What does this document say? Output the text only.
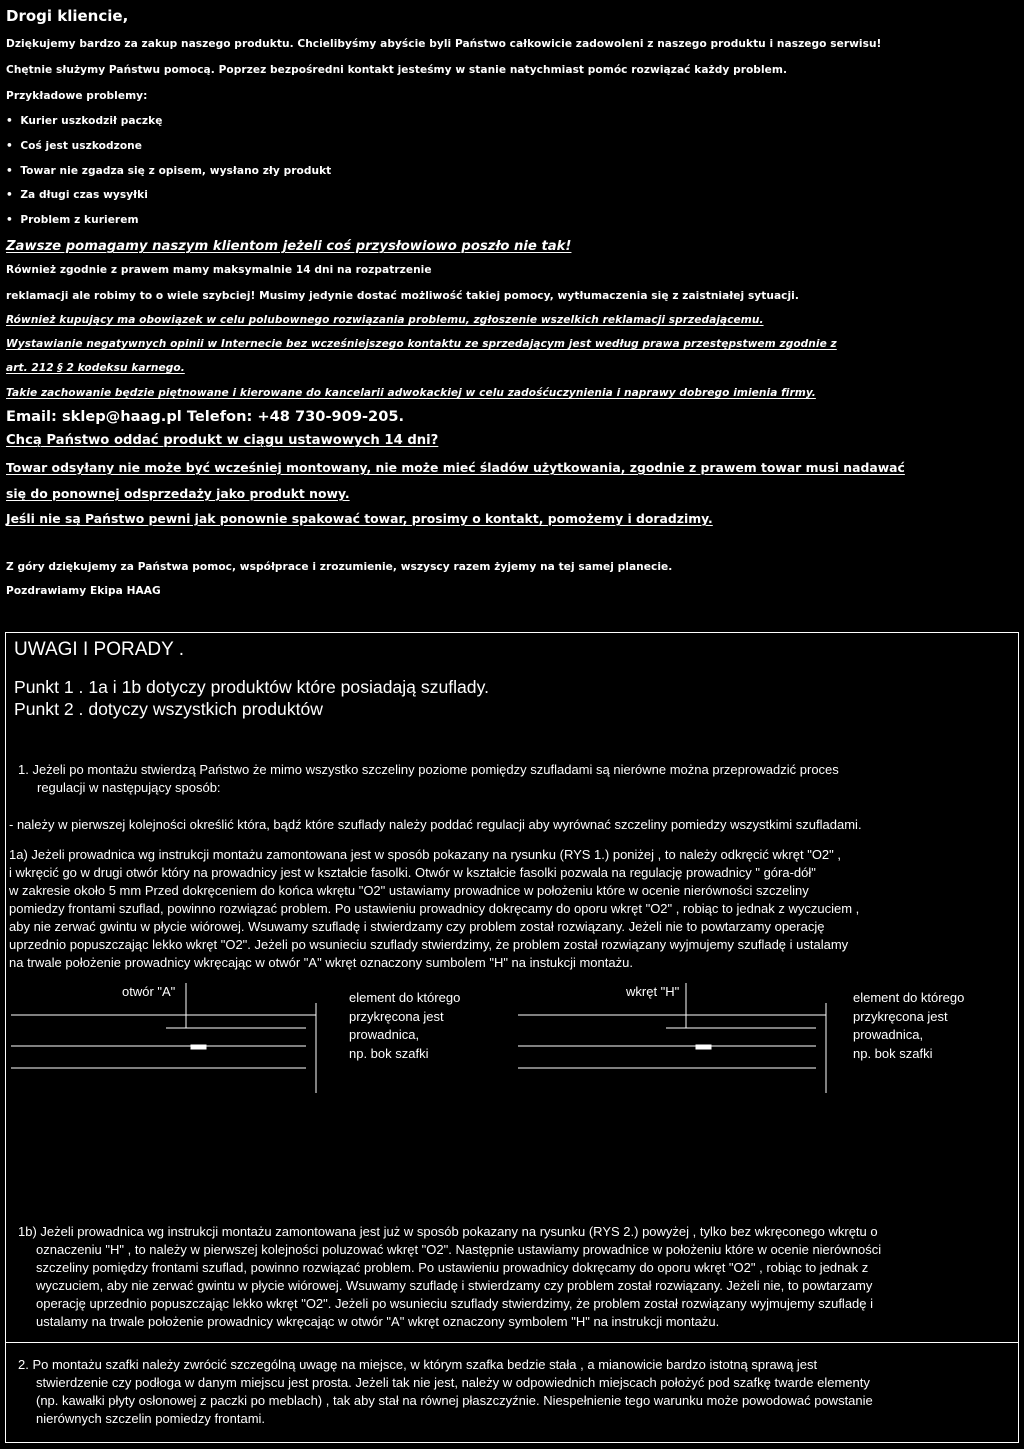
Drogi kliencie,
Dziękujemy bardzo za zakup naszego produktu. Chcielibyśmy abyście byli Państwo całkowicie zadowoleni z naszego produktu i naszego serwisu!
Chętnie służymy Państwu pomocą. Poprzez bezpośredni kontakt jesteśmy w stanie natychmiast pomóc rozwiązać każdy problem.
Przykładowe problemy:
•  Kurier uszkodził paczkę
•  Coś jest uszkodzone
•  Towar nie zgadza się z opisem, wysłano zły produkt
•  Za długi czas wysyłki
•  Problem z kurierem
Zawsze pomagamy naszym klientom jeżeli coś przysłowiowo poszło nie tak!
Również zgodnie z prawem mamy maksymalnie 14 dni na rozpatrzenie
reklamacji ale robimy to o wiele szybciej! Musimy jedynie dostać możliwość takiej pomocy, wytłumaczenia się z zaistniałej sytuacji.
Również kupujący ma obowiązek w celu polubownego rozwiązania problemu, zgłoszenie wszelkich reklamacji sprzedającemu.
Wystawianie negatywnych opinii w Internecie bez wcześniejszego kontaktu ze sprzedającym jest według prawa przestępstwem zgodnie z
art. 212 § 2 kodeksu karnego.
Takie zachowanie będzie piętnowane i kierowane do kancelarii adwokackiej w celu zadośćuczynienia i naprawy dobrego imienia firmy.
Email: sklep@haag.pl Telefon: +48 730-909-205.
Chcą Państwo oddać produkt w ciągu ustawowych 14 dni?
Towar odsyłany nie może być wcześniej montowany, nie może mieć śladów użytkowania, zgodnie z prawem towar musi nadawać
się do ponownej odsprzedaży jako produkt nowy.
Jeśli nie są Państwo pewni jak ponownie spakować towar, prosimy o kontakt, pomożemy i doradzimy.
Z góry dziękujemy za Państwa pomoc, współprace i zrozumienie, wszyscy razem żyjemy na tej samej planecie.
Pozdrawiamy Ekipa HAAG
UWAGI I PORADY .
Punkt 1 . 1a i 1b dotyczy produktów które posiadają szuflady.
Punkt 2 . dotyczy wszystkich produktów
1. Jeżeli po montażu stwierdzą Państwo że mimo wszystko szczeliny poziome pomiędzy szufladami są nierówne można przeprowadzić proces
regulacji w następujący sposób:
- należy w pierwszej kolejności określić która, bądź które szuflady należy poddać regulacji aby wyrównać szczeliny pomiedzy wszystkimi szufladami.
1a) Jeżeli prowadnica wg instrukcji montażu zamontowana jest w sposób pokazany na rysunku (RYS 1.) poniżej , to należy odkręcić wkręt "O2" ,
i wkręcić go w drugi otwór który na prowadnicy jest w kształcie fasolki. Otwór w kształcie fasolki pozwala na regulację prowadnicy " góra-dół"
w zakresie około 5 mm Przed dokręceniem do końca wkrętu "O2" ustawiamy prowadnice w położeniu które w ocenie nierówności szczeliny
pomiedzy frontami szuflad, powinno rozwiązać problem. Po ustawieniu prowadnicy dokręcamy do oporu wkręt "O2" , robiąc to jednak z wyczuciem ,
aby nie zerwać gwintu w płycie wiórowej. Wsuwamy szufladę i stwierdzamy czy problem został rozwiązany. Jeżeli nie to powtarzamy operację
uprzednio popuszczając lekko wkręt "O2". Jeżeli po wsunieciu szuflady stwierdzimy, że problem został rozwiązany wyjmujemy szufladę i ustalamy
na trwale położenie prowadnicy wkręcając w otwór "A" wkręt oznaczony sumbolem "H" na instukcji montażu.
otwór "A"	wkręt "H"
element do którego
przykręcona jest
prowadnica,
np. bok szafki
element do którego
przykręcona jest
prowadnica,
np. bok szafki
1b) Jeżeli prowadnica wg instrukcji montażu zamontowana jest już w sposób pokazany na rysunku (RYS 2.) powyżej , tylko bez wkręconego wkrętu o
oznaczeniu "H" , to należy w pierwszej kolejności poluzować wkręt "O2". Następnie ustawiamy prowadnice w położeniu które w ocenie nierówności
szczeliny pomiędzy frontami szuflad, powinno rozwiązać problem. Po ustawieniu prowadnicy dokręcamy do oporu wkręt "O2" , robiąc to jednak z
wyczuciem, aby nie zerwać gwintu w płycie wiórowej. Wsuwamy szufladę i stwierdzamy czy problem został rozwiązany. Jeżeli nie, to powtarzamy
operację uprzednio popuszczając lekko wkręt "O2". Jeżeli po wsunieciu szuflady stwierdzimy, że problem został rozwiązany wyjmujemy szufladę i
ustalamy na trwale położenie prowadnicy wkręcając w otwór "A" wkręt oznaczony symbolem "H" na instrukcji montażu.
2. Po montażu szafki należy zwrócić szczególną uwagę na miejsce, w którym szafka bedzie stała , a mianowicie bardzo istotną sprawą jest
stwierdzenie czy podłoga w danym miejscu jest prosta. Jeżeli tak nie jest, należy w odpowiednich miejscach położyć pod szafkę twarde elementy
(np. kawałki płyty osłonowej z paczki po meblach) , tak aby stał na równej płaszczyźnie. Niespełnienie tego warunku może powodować powstanie
nierównych szczelin pomiedzy frontami.
